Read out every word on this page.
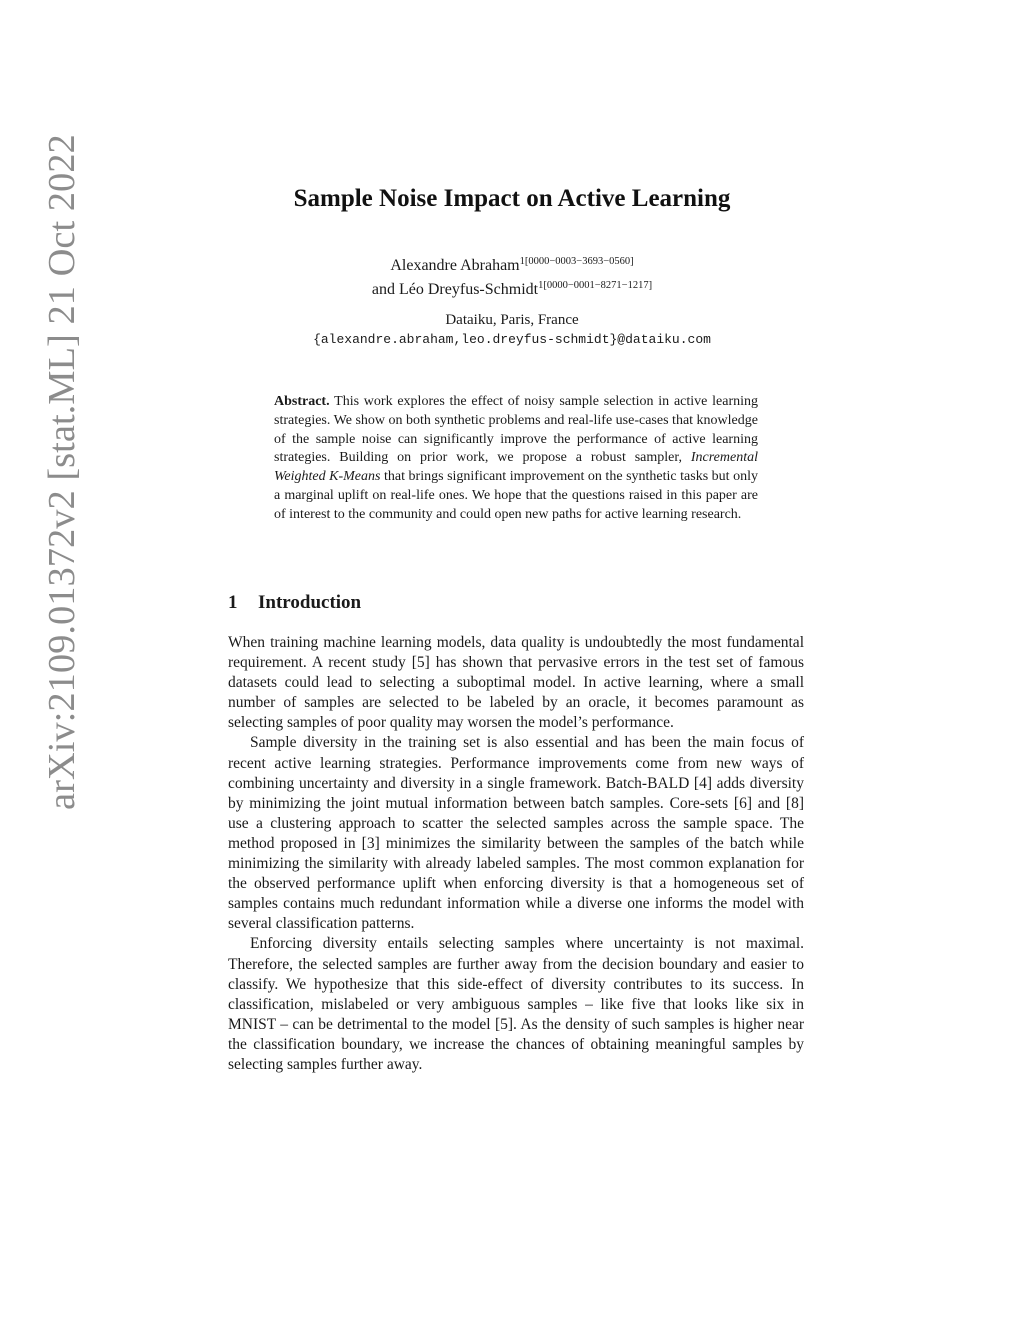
arXiv:2109.01372v2 [stat.ML] 21 Oct 2022	Sample Noise Impact on Active Learning
Alexandre Abraham$^{1[0000-0003-3693-0560]}$
and Léo Dreyfus-Schmidt$^{1[0000-0001-8271-1217]}$
Dataiku, Paris, France
{alexandre.abraham,leo.dreyfus-schmidt}@dataiku.com
Abstract. This work explores the effect of noisy sample selection in active learning strategies. We show on both synthetic problems and real-life use-cases that knowledge of the sample noise can significantly improve the performance of active learning strategies. Building on prior work, we propose a robust sampler, Incremental Weighted K-Means that brings significant improvement on the synthetic tasks but only a marginal uplift on real-life ones. We hope that the questions raised in this paper are of interest to the community and could open new paths for active learning research.
1 Introduction

When training machine learning models, data quality is undoubtedly the most fundamental requirement. A recent study [5] has shown that pervasive errors in the test set of famous datasets could lead to selecting a suboptimal model. In active learning, where a small number of samples are selected to be labeled by an oracle, it becomes paramount as selecting samples of poor quality may worsen the model’s performance.

Sample diversity in the training set is also essential and has been the main focus of recent active learning strategies. Performance improvements come from new ways of combining uncertainty and diversity in a single framework. Batch-BALD [4] adds diversity by minimizing the joint mutual information between batch samples. Core-sets [6] and [8] use a clustering approach to scatter the selected samples across the sample space. The method proposed in [3] minimizes the similarity between the samples of the batch while minimizing the similarity with already labeled samples. The most common explanation for the observed performance uplift when enforcing diversity is that a homogeneous set of samples contains much redundant information while a diverse one informs the model with several classification patterns.

Enforcing diversity entails selecting samples where uncertainty is not maximal. Therefore, the selected samples are further away from the decision boundary and easier to classify. We hypothesize that this side-effect of diversity contributes to its success. In classification, mislabeled or very ambiguous samples – like five that looks like six in MNIST – can be detrimental to the model [5]. As the density of such samples is higher near the classification boundary, we increase the chances of obtaining meaningful samples by selecting samples further away.
